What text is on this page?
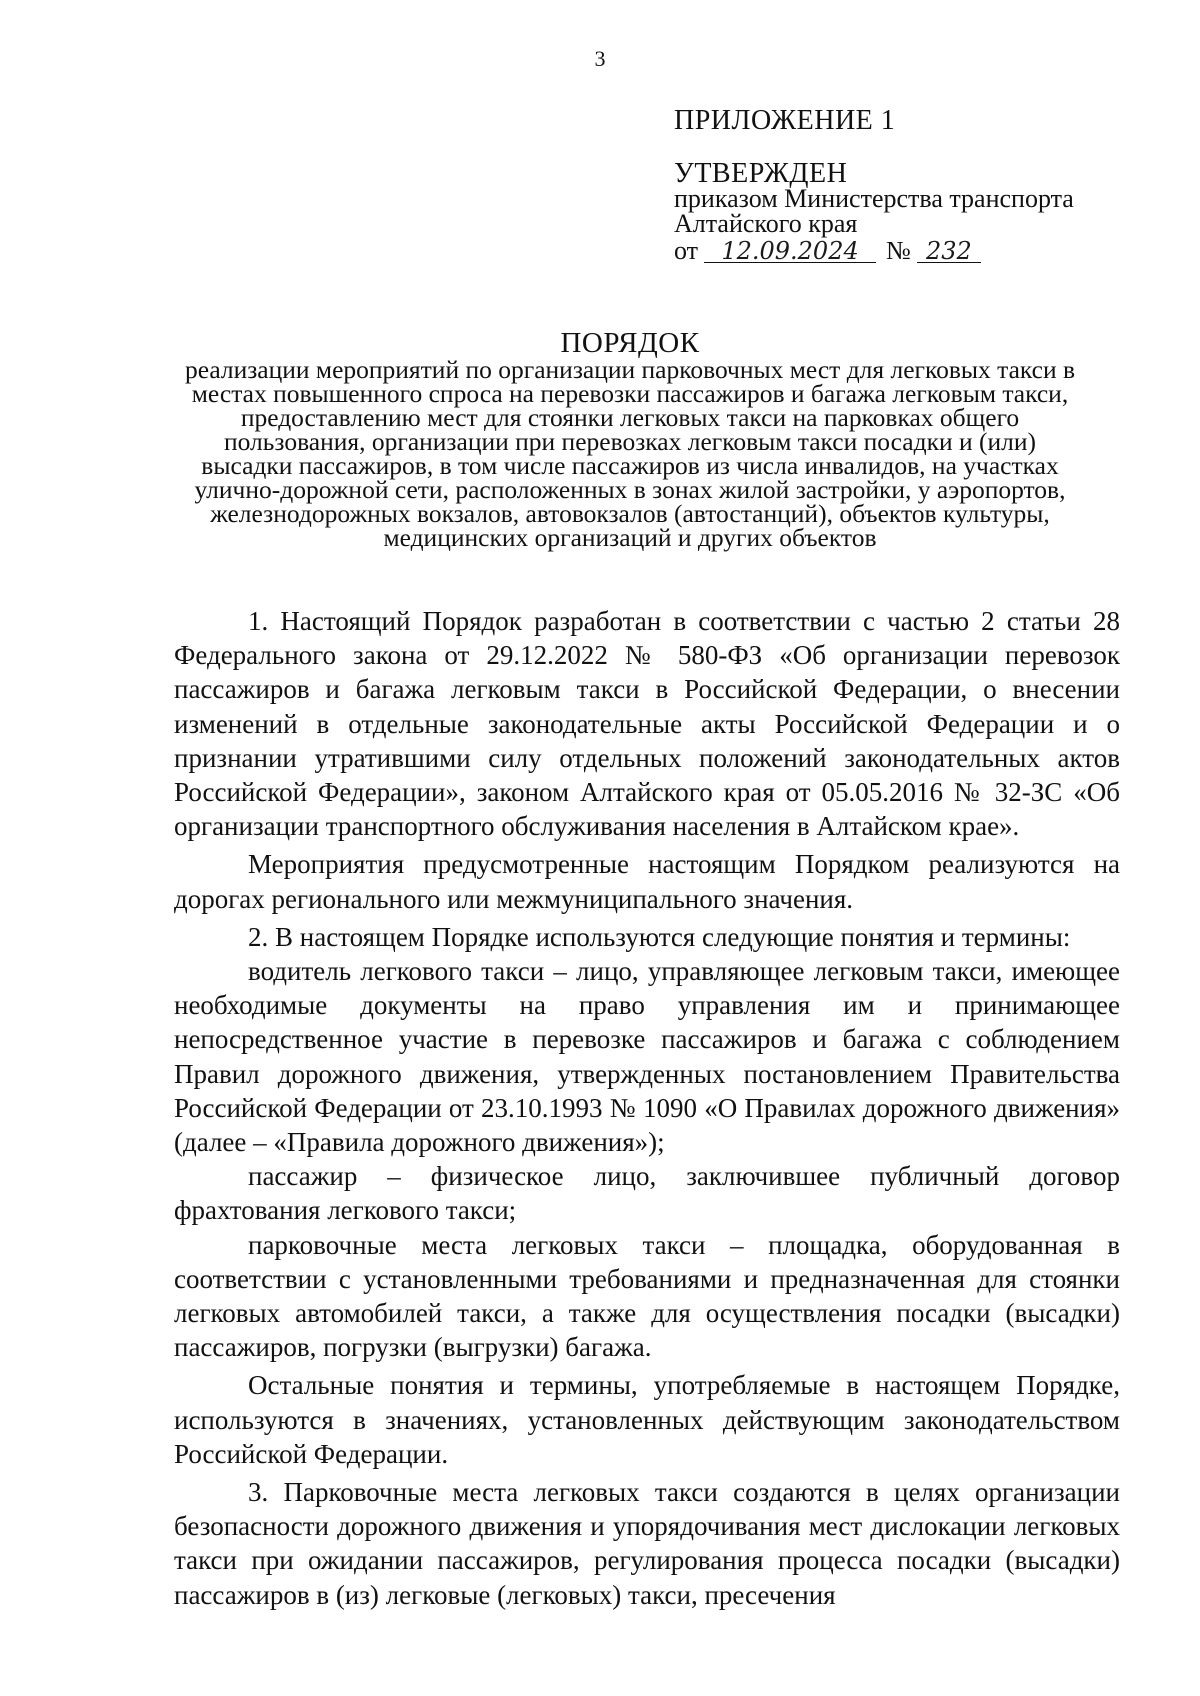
3
ПРИЛОЖЕНИЕ 1
УТВЕРЖДЕН
приказом Министерства транспорта
Алтайского края
от 12.09.2024 № 232
ПОРЯДОК
реализации мероприятий по организации парковочных мест для легковых такси в местах повышенного спроса на перевозки пассажиров и багажа легковым такси, предоставлению мест для стоянки легковых такси на парковках общего пользования, организации при перевозках легковым такси посадки и (или) высадки пассажиров, в том числе пассажиров из числа инвалидов, на участках улично-дорожной сети, расположенных в зонах жилой застройки, у аэропортов, железнодорожных вокзалов, автовокзалов (автостанций), объектов культуры, медицинских организаций и других объектов

1. Настоящий Порядок разработан в соответствии с частью 2 статьи 28 Федерального закона от 29.12.2022 № 580-ФЗ «Об организации перевозок пассажиров и багажа легковым такси в Российской Федерации, о внесении изменений в отдельные законодательные акты Российской Федерации и о признании утратившими силу отдельных положений законодательных актов Российской Федерации», законом Алтайского края от 05.05.2016 № 32-ЗС «Об организации транспортного обслуживания населения в Алтайском крае».

Мероприятия предусмотренные настоящим Порядком реализуются на дорогах регионального или межмуниципального значения.

2. В настоящем Порядке используются следующие понятия и термины:

водитель легкового такси – лицо, управляющее легковым такси, имеющее необходимые документы на право управления им и принимающее непосредственное участие в перевозке пассажиров и багажа с соблюдением Правил дорожного движения, утвержденных постановлением Правительства Российской Федерации от 23.10.1993 № 1090 «О Правилах дорожного движения» (далее – «Правила дорожного движения»);

пассажир – физическое лицо, заключившее публичный договор фрахтования легкового такси;

парковочные места легковых такси – площадка, оборудованная в соответствии с установленными требованиями и предназначенная для стоянки легковых автомобилей такси, а также для осуществления посадки (высадки) пассажиров, погрузки (выгрузки) багажа.

Остальные понятия и термины, употребляемые в настоящем Порядке, используются в значениях, установленных действующим законодательством Российской Федерации.

3. Парковочные места легковых такси создаются в целях организации безопасности дорожного движения и упорядочивания мест дислокации легковых такси при ожидании пассажиров, регулирования процесса посадки (высадки) пассажиров в (из) легковые (легковых) такси, пресечения
